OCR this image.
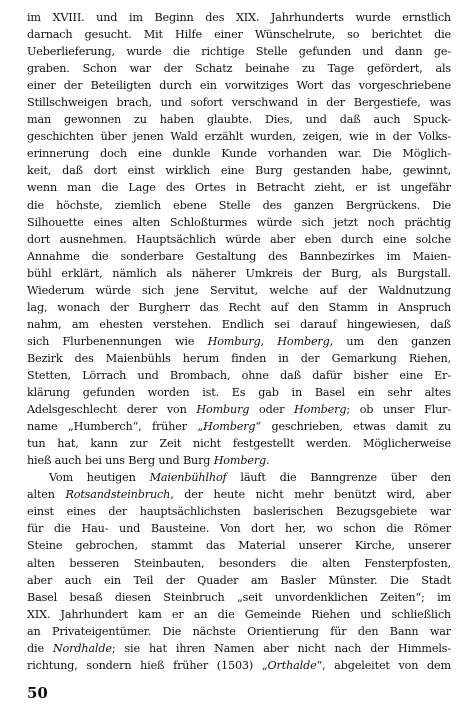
im XVIII. und im Beginn des XIX. Jahrhunderts wurde ernstlich
darnach gesucht. Mit Hilfe einer Wünschelrute, so berichtet die
Ueberlieferung, wurde die richtige Stelle gefunden und dann ge-
graben. Schon war der Schatz beinahe zu Tage gefördert, als
einer der Beteiligten durch ein vorwitziges Wort das vorgeschriebene
Stillschweigen brach, und sofort verschwand in der Bergestiefe, was
man gewonnen zu haben glaubte. Dies, und daß auch Spuck-
geschichten über jenen Wald erzählt wurden, zeigen, wie in der Volks-
erinnerung doch eine dunkle Kunde vorhanden war. Die Möglich-
keit, daß dort einst wirklich eine Burg gestanden habe, gewinnt,
wenn man die Lage des Ortes in Betracht zieht, er ist ungefähr
die höchste, ziemlich ebene Stelle des ganzen Bergrückens. Die
Silhouette eines alten Schloßturmes würde sich jetzt noch prächtig
dort ausnehmen. Hauptsächlich würde aber eben durch eine solche
Annahme die sonderbare Gestaltung des Bannbezirkes im Maien-
bühl erklärt, nämlich als näherer Umkreis der Burg, als Burgstall.
Wiederum würde sich jene Servitut, welche auf der Waldnutzung
lag, wonach der Burgherr das Recht auf den Stamm in Anspruch
nahm, am ehesten verstehen. Endlich sei darauf hingewiesen, daß
sich Flurbenennungen wie Homburg, Homberg, um den ganzen
Bezirk des Maienbühls herum finden in der Gemarkung Riehen,
Stetten, Lörrach und Brombach, ohne daß dafür bisher eine Er-
klärung gefunden worden ist. Es gab in Basel ein sehr altes
Adelsgeschlecht derer von Homburg oder Homberg; ob unser Flur-
name „Humberch“, früher „Homberg“ geschrieben, etwas damit zu
tun hat, kann zur Zeit nicht festgestellt werden. Möglicherweise
hieß auch bei uns Berg und Burg Homberg.
Vom heutigen Maienbühlhof läuft die Banngrenze über den
alten Rotsandsteinbruch, der heute nicht mehr benützt wird, aber
einst eines der hauptsächlichsten baslerischen Bezugsgebiete war
für die Hau- und Bausteine. Von dort her, wo schon die Römer
Steine gebrochen, stammt das Material unserer Kirche, unserer
alten besseren Steinbauten, besonders die alten Fensterpfosten,
aber auch ein Teil der Quader am Basler Münster. Die Stadt
Basel besaß diesen Steinbruch „seit unvordenklichen Zeiten“; im
XIX. Jahrhundert kam er an die Gemeinde Riehen und schließlich
an Privateigentümer. Die nächste Orientierung für den Bann war
die Nordhalde; sie hat ihren Namen aber nicht nach der Himmels-
richtung, sondern hieß früher (1503) „Orthalde“, abgeleitet von dem
50
